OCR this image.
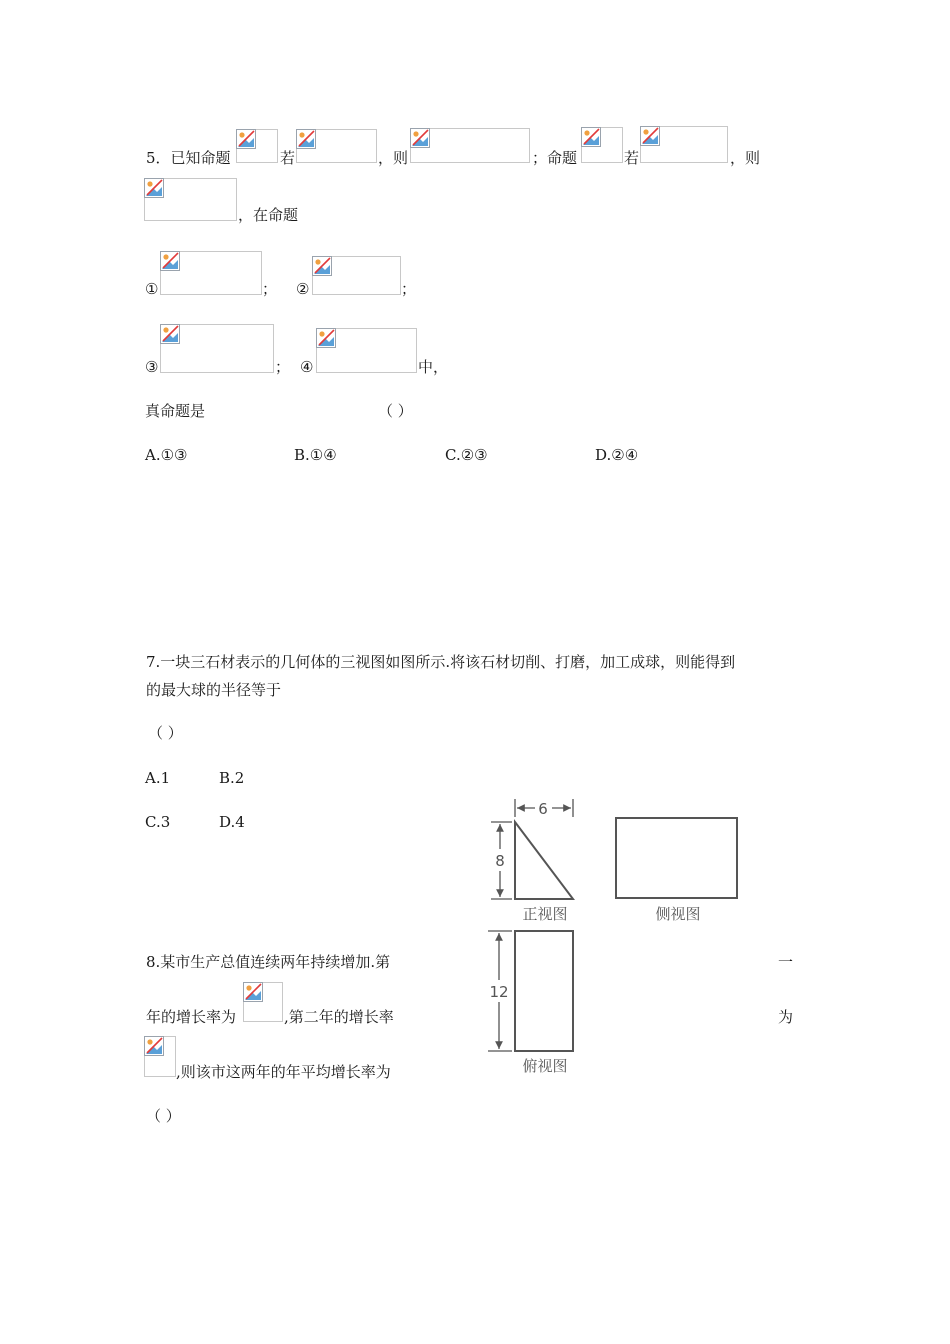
5．已知命题	若	，则	；命题	若	，则
，在命题
①	； ②	；
③	； ④	中，
真命题是	（ ）
A.①③	B.①④	C.②③	D.②④
7.一块三石材表示的几何体的三视图如图所示.将该石材切削、打磨，加工成球，则能得到
的最大球的半径等于
（ ）
A.1	B.2
C.3	D.4
6
8
正视图	侧视图
12
俯视图
8.某市生产总值连续两年持续增加.第	一
年的增长率为	,第二年的增长率	为
,则该市这两年的年平均增长率为
（ ）
